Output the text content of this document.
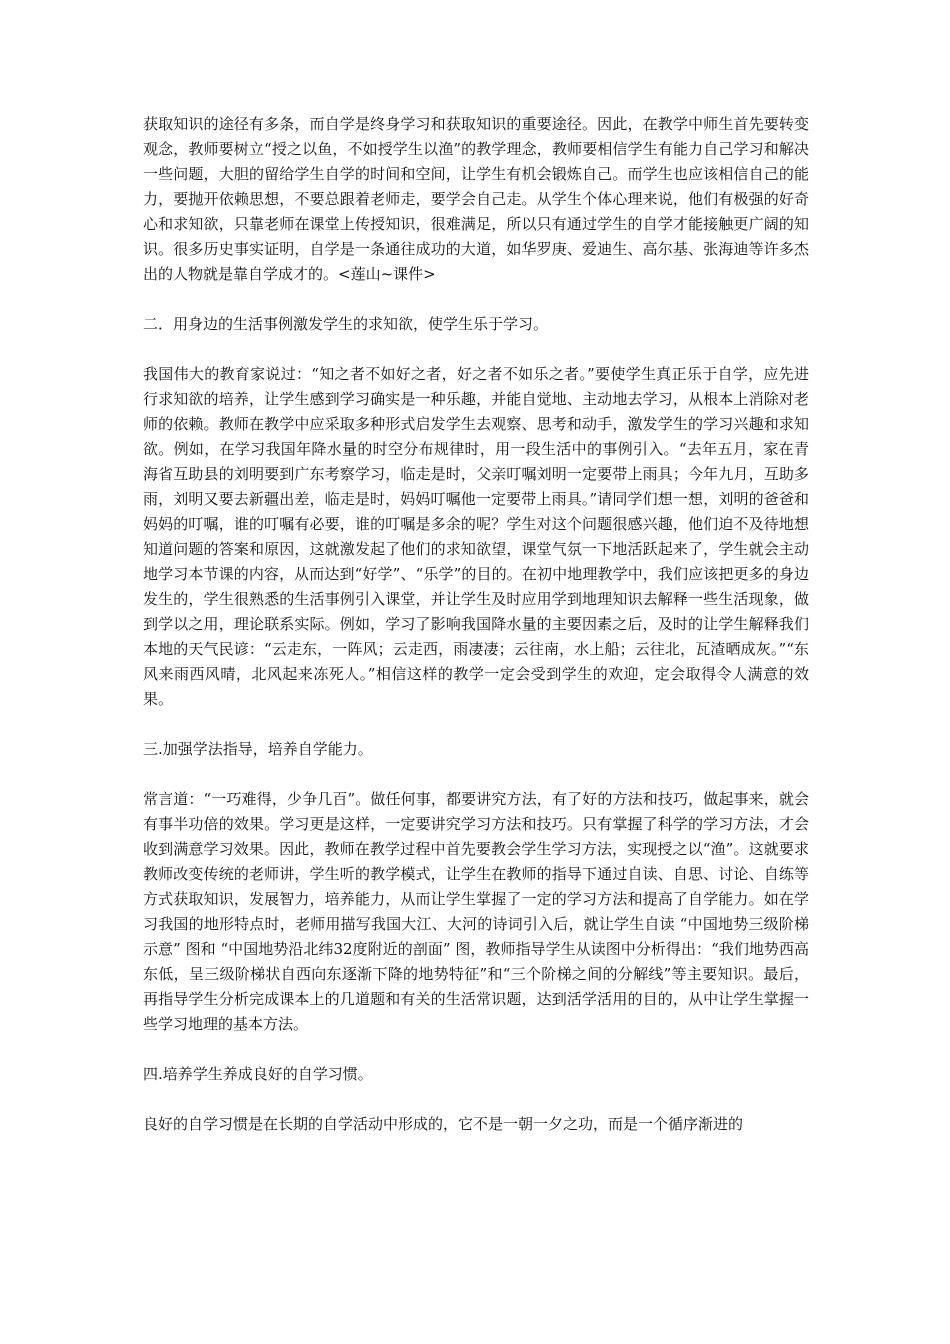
获取知识的途径有多条，而自学是终身学习和获取知识的重要途径。因此，在教学中师生首先要转变观念，教师要树立“授之以鱼，不如授学生以渔”的教学理念，教师要相信学生有能力自己学习和解决一些问题，大胆的留给学生自学的时间和空间，让学生有机会锻炼自己。而学生也应该相信自己的能力，要抛开依赖思想，不要总跟着老师走，要学会自己走。从学生个体心理来说，他们有极强的好奇心和求知欲，只靠老师在课堂上传授知识，很难满足，所以只有通过学生的自学才能接触更广阔的知识。很多历史事实证明，自学是一条通往成功的大道，如华罗庚、爱迪生、高尔基、张海迪等许多杰出的人物就是靠自学成才的。<莲山~课件>

二．用身边的生活事例激发学生的求知欲，使学生乐于学习。

我国伟大的教育家说过：“知之者不如好之者，好之者不如乐之者。”要使学生真正乐于自学，应先进行求知欲的培养，让学生感到学习确实是一种乐趣，并能自觉地、主动地去学习，从根本上消除对老师的依赖。教师在教学中应采取多种形式启发学生去观察、思考和动手，激发学生的学习兴趣和求知欲。例如，在学习我国年降水量的时空分布规律时，用一段生活中的事例引入。“去年五月，家在青海省互助县的刘明要到广东考察学习，临走是时，父亲叮嘱刘明一定要带上雨具；今年九月，互助多雨，刘明又要去新疆出差，临走是时，妈妈叮嘱他一定要带上雨具。”请同学们想一想，刘明的爸爸和妈妈的叮嘱，谁的叮嘱有必要，谁的叮嘱是多余的呢？学生对这个问题很感兴趣，他们迫不及待地想知道问题的答案和原因，这就激发起了他们的求知欲望，课堂气氛一下地活跃起来了，学生就会主动地学习本节课的内容，从而达到“好学”、“乐学”的目的。在初中地理教学中，我们应该把更多的身边发生的，学生很熟悉的生活事例引入课堂，并让学生及时应用学到地理知识去解释一些生活现象，做到学以之用，理论联系实际。例如，学习了影响我国降水量的主要因素之后，及时的让学生解释我们本地的天气民谚：“云走东，一阵风；云走西，雨凄凄；云往南，水上船；云往北，瓦渣晒成灰。”“东风来雨西风晴，北风起来冻死人。”相信这样的教学一定会受到学生的欢迎，定会取得令人满意的效果。

三.加强学法指导，培养自学能力。

常言道：“一巧难得，少争几百”。做任何事，都要讲究方法，有了好的方法和技巧，做起事来，就会有事半功倍的效果。学习更是这样，一定要讲究学习方法和技巧。只有掌握了科学的学习方法，才会收到满意学习效果。因此，教师在教学过程中首先要教会学生学习方法，实现授之以“渔”。这就要求教师改变传统的老师讲，学生听的教学模式，让学生在教师的指导下通过自读、自思、讨论、自练等方式获取知识，发展智力，培养能力，从而让学生掌握了一定的学习方法和提高了自学能力。如在学习我国的地形特点时，老师用描写我国大江、大河的诗词引入后，就让学生自读 “中国地势三级阶梯示意” 图和 “中国地势沿北纬32度附近的剖面” 图，教师指导学生从读图中分析得出：“我们地势西高东低，呈三级阶梯状自西向东逐渐下降的地势特征”和“三个阶梯之间的分解线”等主要知识。最后，再指导学生分析完成课本上的几道题和有关的生活常识题，达到活学活用的目的，从中让学生掌握一些学习地理的基本方法。

四.培养学生养成良好的自学习惯。

良好的自学习惯是在长期的自学活动中形成的，它不是一朝一夕之功，而是一个循序渐进的
